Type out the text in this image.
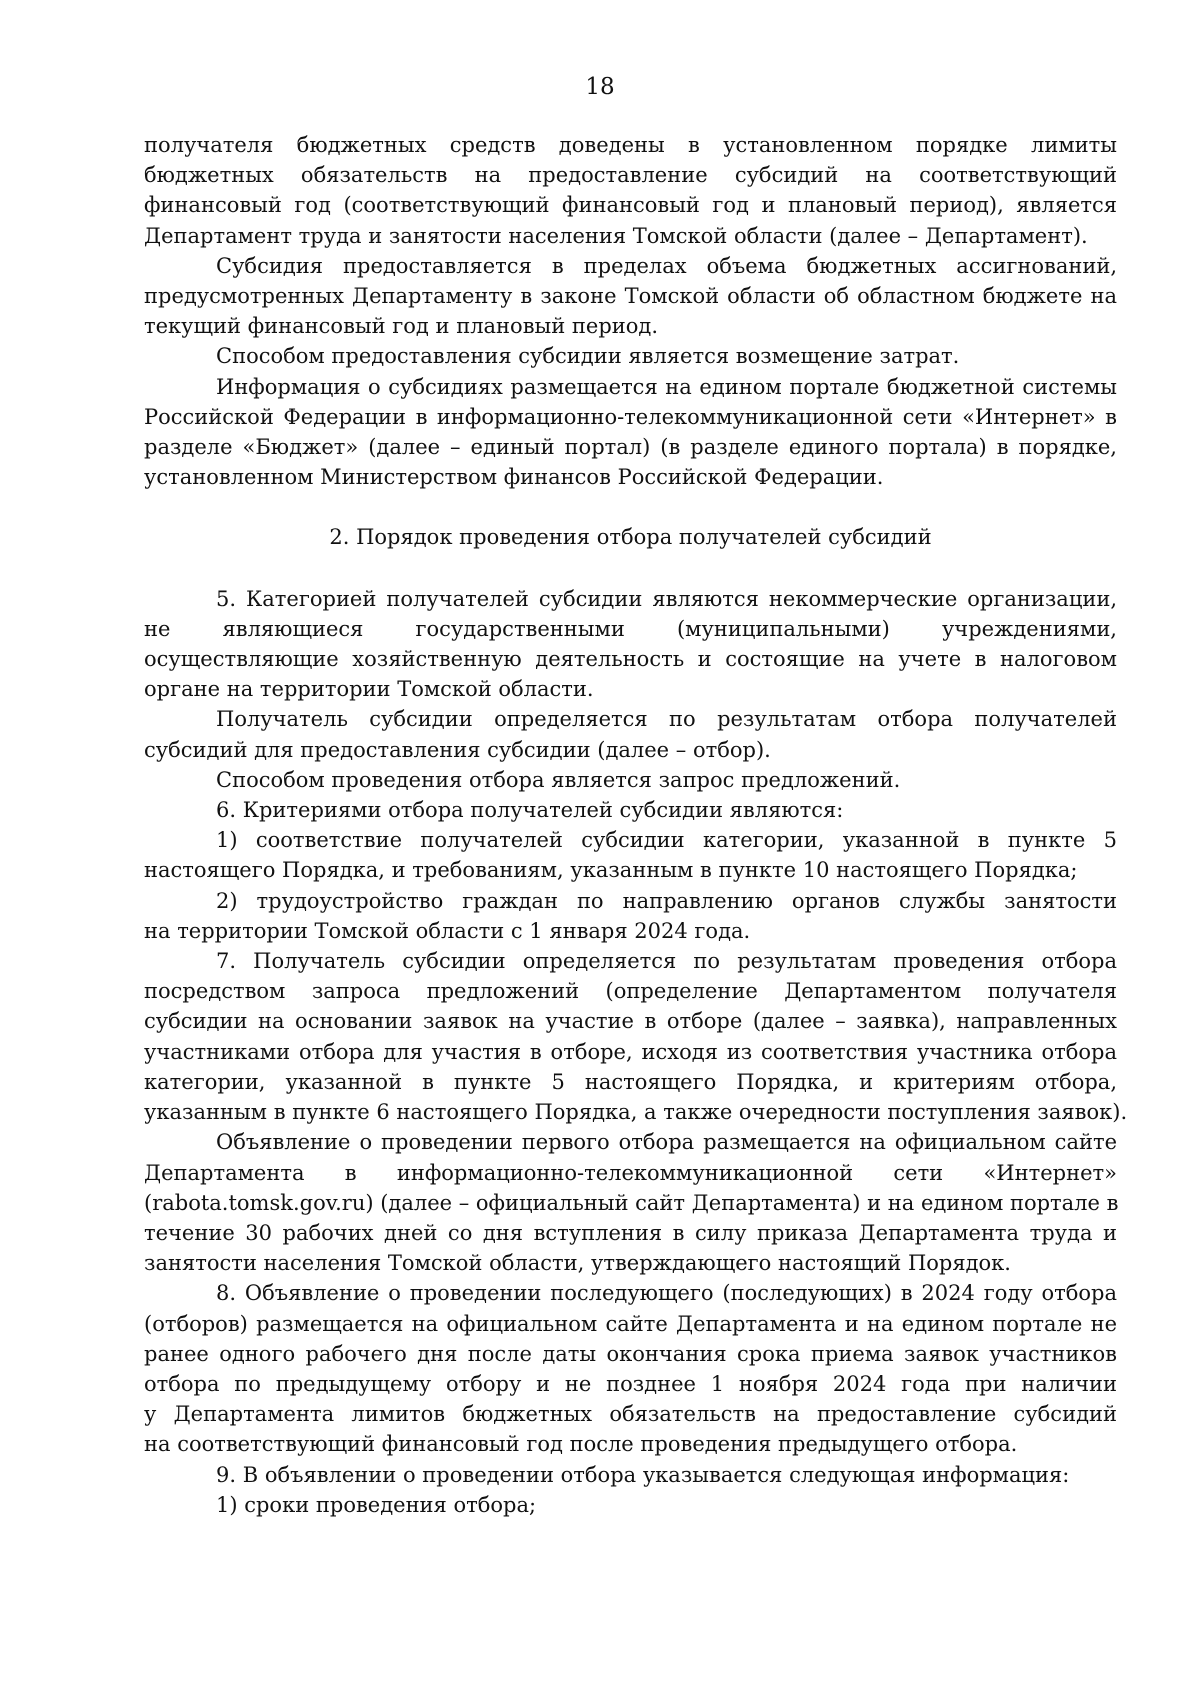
18

получателя бюджетных средств доведены в установленном порядке лимиты

бюджетных обязательств на предоставление субсидий на соответствующий

финансовый год (соответствующий финансовый год и плановый период), является

Департамент труда и занятости населения Томской области (далее – Департамент).

Субсидия предоставляется в пределах объема бюджетных ассигнований,

предусмотренных Департаменту в законе Томской области об областном бюджете на

текущий финансовый год и плановый период.

Способом предоставления субсидии является возмещение затрат.

Информация о субсидиях размещается на едином портале бюджетной системы

Российской Федерации в информационно-телекоммуникационной сети «Интернет» в

разделе «Бюджет» (далее – единый портал) (в разделе единого портала) в порядке,

установленном Министерством финансов Российской Федерации.

2. Порядок проведения отбора получателей субсидий

5. Категорией получателей субсидии являются некоммерческие организации,

не являющиеся государственными (муниципальными) учреждениями,

осуществляющие хозяйственную деятельность и состоящие на учете в налоговом

органе на территории Томской области.

Получатель субсидии определяется по результатам отбора получателей

субсидий для предоставления субсидии (далее – отбор).

Способом проведения отбора является запрос предложений.

6. Критериями отбора получателей субсидии являются:

1) соответствие получателей субсидии категории, указанной в пункте 5

настоящего Порядка, и требованиям, указанным в пункте 10 настоящего Порядка;

2) трудоустройство граждан по направлению органов службы занятости

на территории Томской области с 1 января 2024 года.

7. Получатель субсидии определяется по результатам проведения отбора

посредством запроса предложений (определение Департаментом получателя

субсидии на основании заявок на участие в отборе (далее – заявка), направленных

участниками отбора для участия в отборе, исходя из соответствия участника отбора

категории, указанной в пункте 5 настоящего Порядка, и критериям отбора,

указанным в пункте 6 настоящего Порядка, а также очередности поступления заявок).

Объявление о проведении первого отбора размещается на официальном сайте

Департамента в информационно-телекоммуникационной сети «Интернет»

(rabota.tomsk.gov.ru) (далее – официальный сайт Департамента) и на едином портале в

течение 30 рабочих дней со дня вступления в силу приказа Департамента труда и

занятости населения Томской области, утверждающего настоящий Порядок.

8. Объявление о проведении последующего (последующих) в 2024 году отбора

(отборов) размещается на официальном сайте Департамента и на едином портале не

ранее одного рабочего дня после даты окончания срока приема заявок участников

отбора по предыдущему отбору и не позднее 1 ноября 2024 года при наличии

у Департамента лимитов бюджетных обязательств на предоставление субсидий

на соответствующий финансовый год после проведения предыдущего отбора.

9. В объявлении о проведении отбора указывается следующая информация:

1) сроки проведения отбора;
